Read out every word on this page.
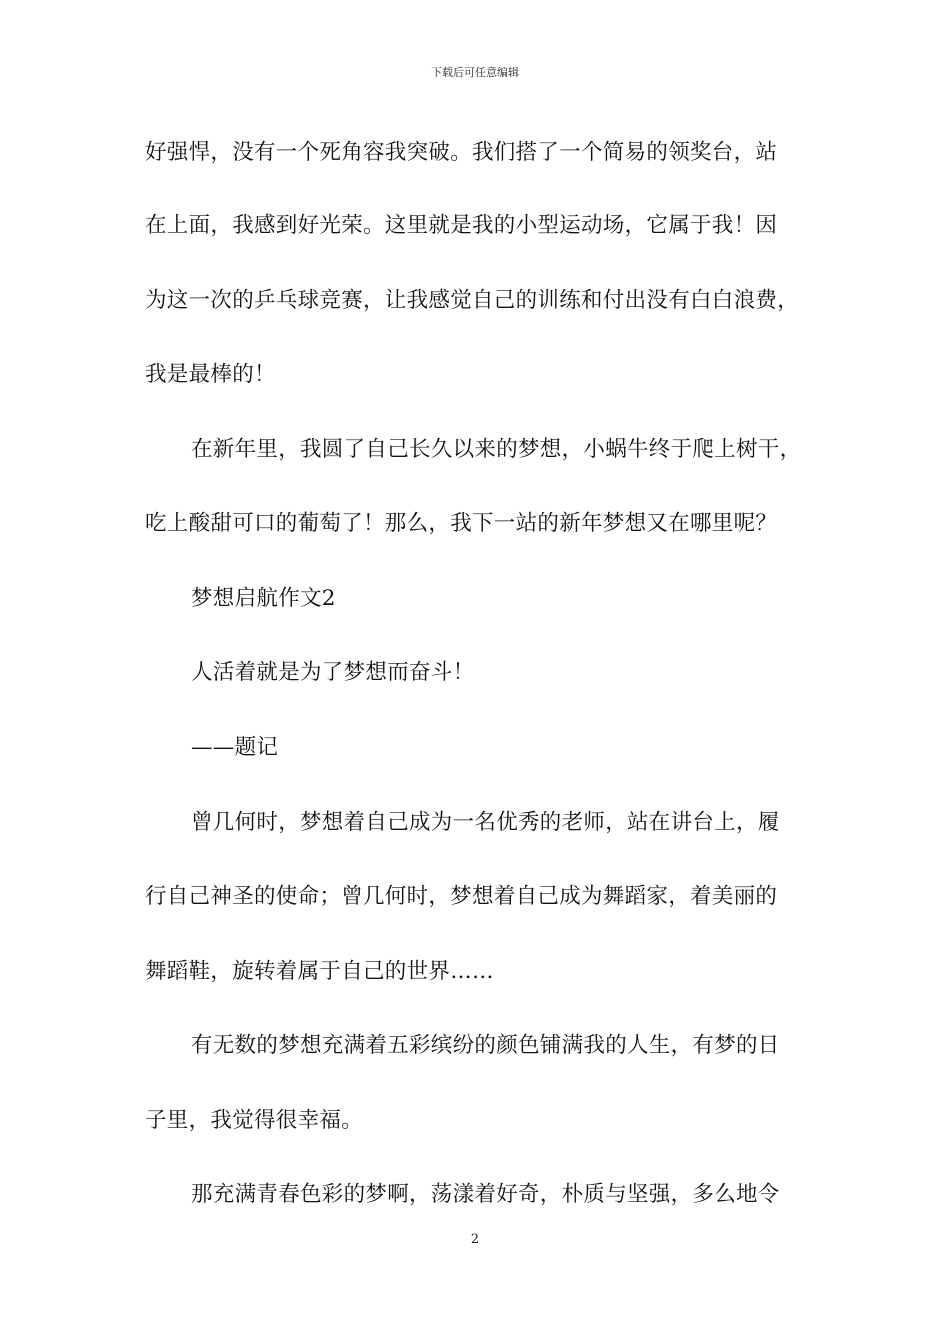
下载后可任意编辑
好强悍，没有一个死角容我突破。我们搭了一个简易的领奖台，站
在上面，我感到好光荣。这里就是我的小型运动场，它属于我！因
为这一次的乒乓球竞赛，让我感觉自己的训练和付出没有白白浪费，
我是最棒的！
在新年里，我圆了自己长久以来的梦想，小蜗牛终于爬上树干，
吃上酸甜可口的葡萄了！那么，我下一站的新年梦想又在哪里呢？
梦想启航作文2
人活着就是为了梦想而奋斗！
——题记
曾几何时，梦想着自己成为一名优秀的老师，站在讲台上，履
行自己神圣的使命；曾几何时，梦想着自己成为舞蹈家，着美丽的
舞蹈鞋，旋转着属于自己的世界……
有无数的梦想充满着五彩缤纷的颜色铺满我的人生，有梦的日
子里，我觉得很幸福。
那充满青春色彩的梦啊，荡漾着好奇，朴质与坚强，多么地令
2
